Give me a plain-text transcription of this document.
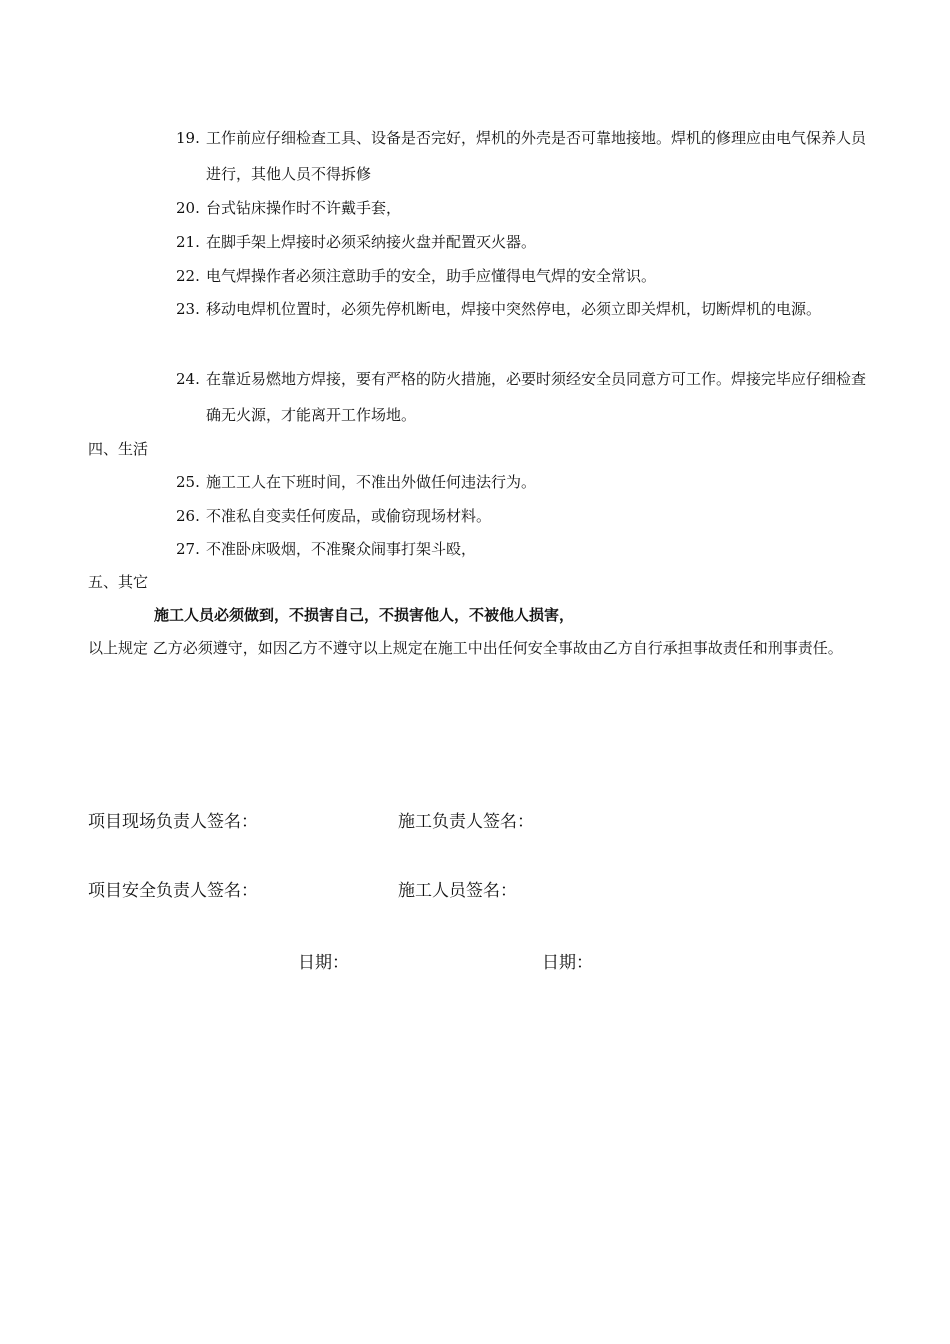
19. 工作前应仔细检查工具、设备是否完好，焊机的外壳是否可靠地接地。焊机的修理应由电气保养人员进行，其他人员不得拆修
20. 台式钻床操作时不许戴手套，
21. 在脚手架上焊接时必须采纳接火盘并配置灭火器。
22. 电气焊操作者必须注意助手的安全，助手应懂得电气焊的安全常识。
23. 移动电焊机位置时，必须先停机断电，焊接中突然停电，必须立即关焊机，切断焊机的电源。
24. 在靠近易燃地方焊接，要有严格的防火措施，必要时须经安全员同意方可工作。焊接完毕应仔细检查确无火源，才能离开工作场地。
四、生活
25. 施工工人在下班时间，不准出外做任何违法行为。
26. 不准私自变卖任何废品，或偷窃现场材料。
27. 不准卧床吸烟，不准聚众闹事打架斗殴，
五、其它
施工人员必须做到，不损害自己，不损害他人，不被他人损害，
以上规定 乙方必须遵守，如因乙方不遵守以上规定在施工中出任何安全事故由乙方自行承担事故责任和刑事责任。
项目现场负责人签名：	施工负责人签名：
项目安全负责人签名：	施工人员签名：
日期：	日期：
